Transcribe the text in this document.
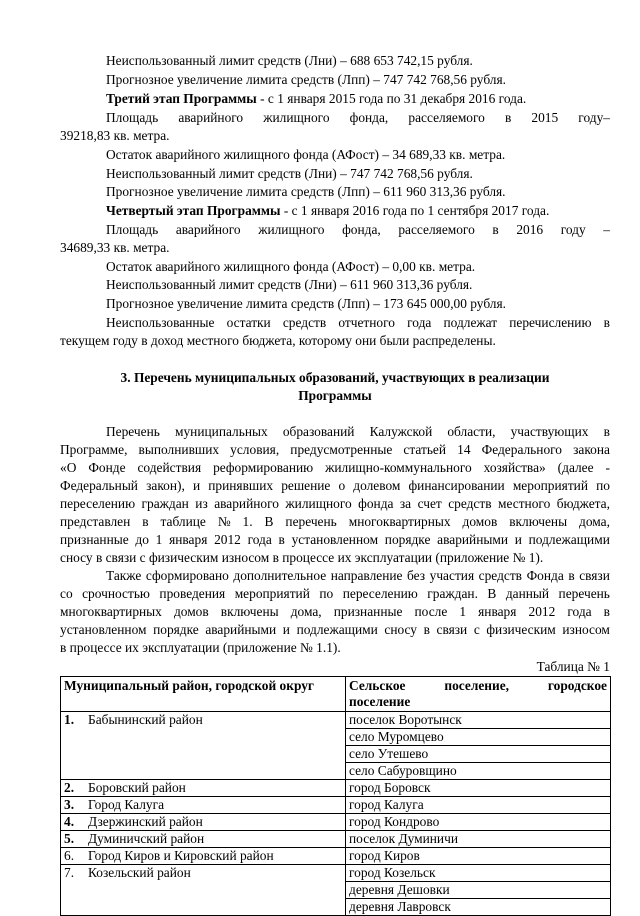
Неиспользованный лимит средств (Лни) – 688 653 742,15 рубля.
Прогнозное увеличение лимита средств (Лпп) – 747 742 768,56 рубля.
Третий этап Программы - с 1 января 2015 года по 31 декабря 2016 года.
Площадь аварийного жилищного фонда, расселяемого в 2015 году–
39218,83 кв. метра.
Остаток аварийного жилищного фонда (АФост) – 34 689,33 кв. метра.
Неиспользованный лимит средств (Лни) – 747 742 768,56 рубля.
Прогнозное увеличение лимита средств (Лпп) – 611 960 313,36 рубля.
Четвертый этап Программы - с 1 января 2016 года по 1 сентября 2017 года.
Площадь аварийного жилищного фонда, расселяемого в 2016 году –
34689,33 кв. метра.
Остаток аварийного жилищного фонда (АФост) – 0,00 кв. метра.
Неиспользованный лимит средств (Лни) – 611 960 313,36 рубля.
Прогнозное увеличение лимита средств (Лпп) – 173 645 000,00 рубля.
Неиспользованные остатки средств отчетного года подлежат перечислению в
текущем году в доход местного бюджета, которому они были распределены.
3. Перечень муниципальных образований, участвующих в реализации
Программы
Перечень муниципальных образований Калужской области, участвующих в
Программе, выполнивших условия, предусмотренные статьей 14 Федерального закона
«О Фонде содействия реформированию жилищно-коммунального хозяйства» (далее -
Федеральный закон), и принявших решение о долевом финансировании мероприятий по
переселению граждан из аварийного жилищного фонда за счет средств местного бюджета,
представлен в таблице № 1. В перечень многоквартирных домов включены дома,
признанные до 1 января 2012 года в установленном порядке аварийными и подлежащими
сносу в связи с физическим износом в процессе их эксплуатации (приложение № 1).
Также сформировано дополнительное направление без участия средств Фонда в связи
со срочностью проведения мероприятий по переселению граждан. В данный перечень
многоквартирных домов включены дома, признанные после 1 января 2012 года в
установленном порядке аварийными и подлежащими сносу в связи с физическим износом
в процессе их эксплуатации (приложение № 1.1).
Таблица № 1
Муниципальный район, городской округ	Сельское поселение, городское
поселение

1. Бабынинский район	поселок Воротынск
	село Муромцево
	село Утешево
	село Сабуровщино
2. Боровский район	город Боровск
3. Город Калуга	город Калуга
4. Дзержинский район	город Кондрово
5. Думиничский район	поселок Думиничи
6. Город Киров и Кировский район	город Киров
7. Козельский район	город Козельск
	деревня Дешовки
	деревня Лавровск
